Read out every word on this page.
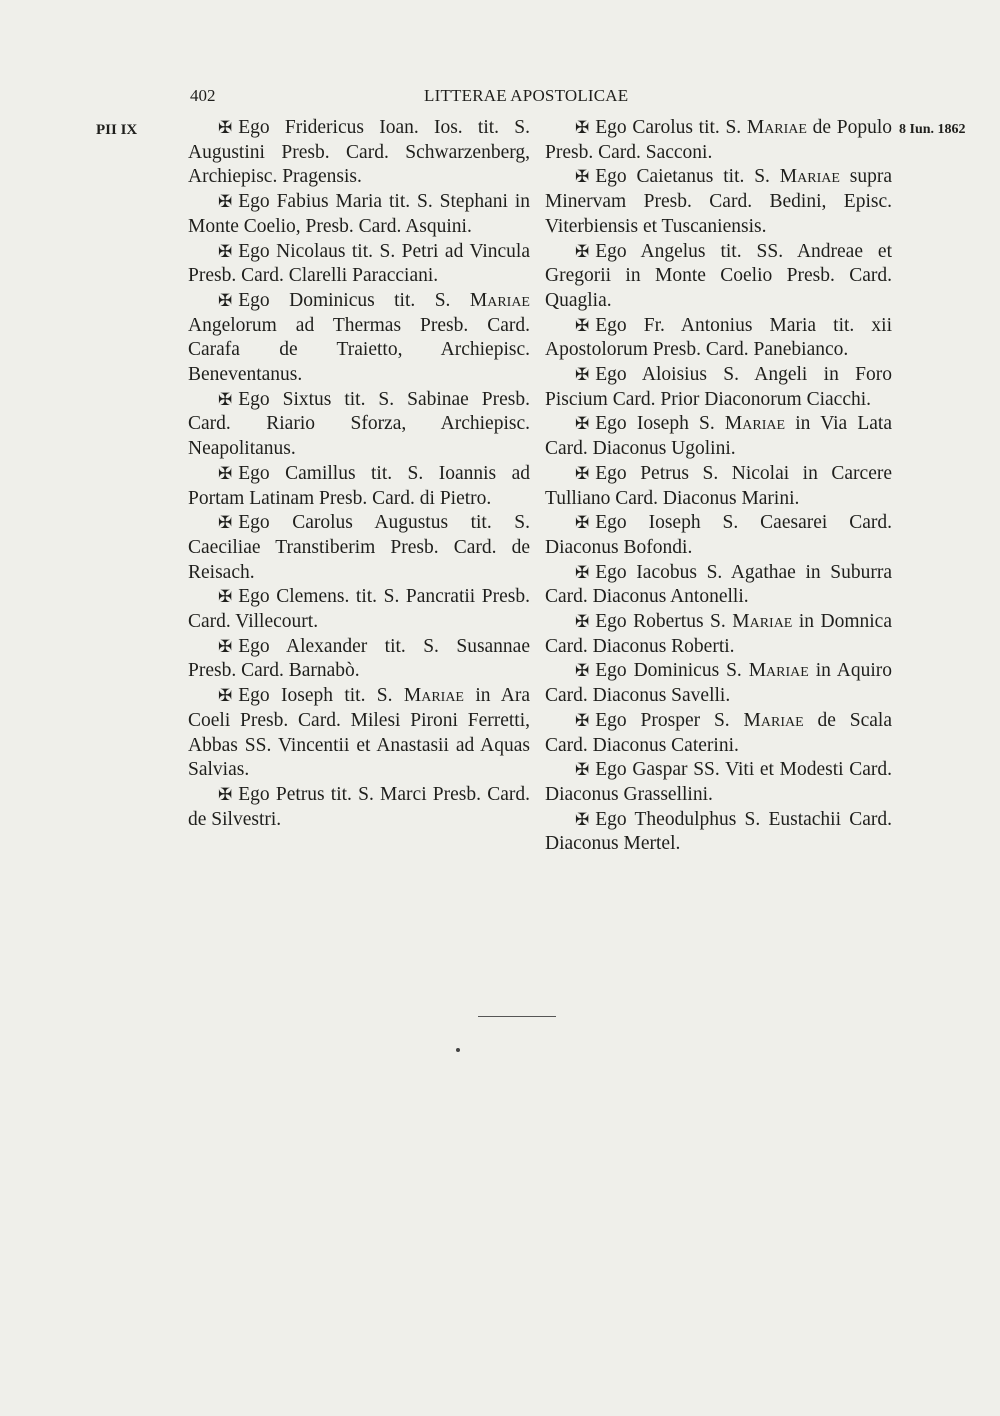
402	LITTERAE APOSTOLICAE
PII IX	8 Iun. 1862

✠ Ego Fridericus Ioan. Ios. tit. S. Augustini Presb. Card. Schwarzenberg, Archiepisc. Pragensis.

✠ Ego Fabius Maria tit. S. Stephani in Monte Coelio, Presb. Card. Asquini.

✠ Ego Nicolaus tit. S. Petri ad Vincula Presb. Card. Clarelli Paracciani.

✠ Ego Dominicus tit. S. Mariae Angelorum ad Thermas Presb. Card. Carafa de Traietto, Archiepisc. Beneventanus.

✠ Ego Sixtus tit. S. Sabinae Presb. Card. Riario Sforza, Archiepisc. Neapolitanus.

✠ Ego Camillus tit. S. Ioannis ad Portam Latinam Presb. Card. di Pietro.

✠ Ego Carolus Augustus tit. S. Caeciliae Transtiberim Presb. Card. de Reisach.

✠ Ego Clemens. tit. S. Pancratii Presb. Card. Villecourt.

✠ Ego Alexander tit. S. Susannae Presb. Card. Barnabò.

✠ Ego Ioseph tit. S. Mariae in Ara Coeli Presb. Card. Milesi Pironi Ferretti, Abbas SS. Vincentii et Anastasii ad Aquas Salvias.

✠ Ego Petrus tit. S. Marci Presb. Card. de Silvestri.

✠ Ego Carolus tit. S. Mariae de Populo Presb. Card. Sacconi.

✠ Ego Caietanus tit. S. Mariae supra Minervam Presb. Card. Bedini, Episc. Viterbiensis et Tuscaniensis.

✠ Ego Angelus tit. SS. Andreae et Gregorii in Monte Coelio Presb. Card. Quaglia.

✠ Ego Fr. Antonius Maria tit. xii Apostolorum Presb. Card. Panebianco.

✠ Ego Aloisius S. Angeli in Foro Piscium Card. Prior Diaconorum Ciacchi.

✠ Ego Ioseph S. Mariae in Via Lata Card. Diaconus Ugolini.

✠ Ego Petrus S. Nicolai in Carcere Tulliano Card. Diaconus Marini.

✠ Ego Ioseph S. Caesarei Card. Diaconus Bofondi.

✠ Ego Iacobus S. Agathae in Suburra Card. Diaconus Antonelli.

✠ Ego Robertus S. Mariae in Domnica Card. Diaconus Roberti.

✠ Ego Dominicus S. Mariae in Aquiro Card. Diaconus Savelli.

✠ Ego Prosper S. Mariae de Scala Card. Diaconus Caterini.

✠ Ego Gaspar SS. Viti et Modesti Card. Diaconus Grassellini.

✠ Ego Theodulphus S. Eustachii Card. Diaconus Mertel.
